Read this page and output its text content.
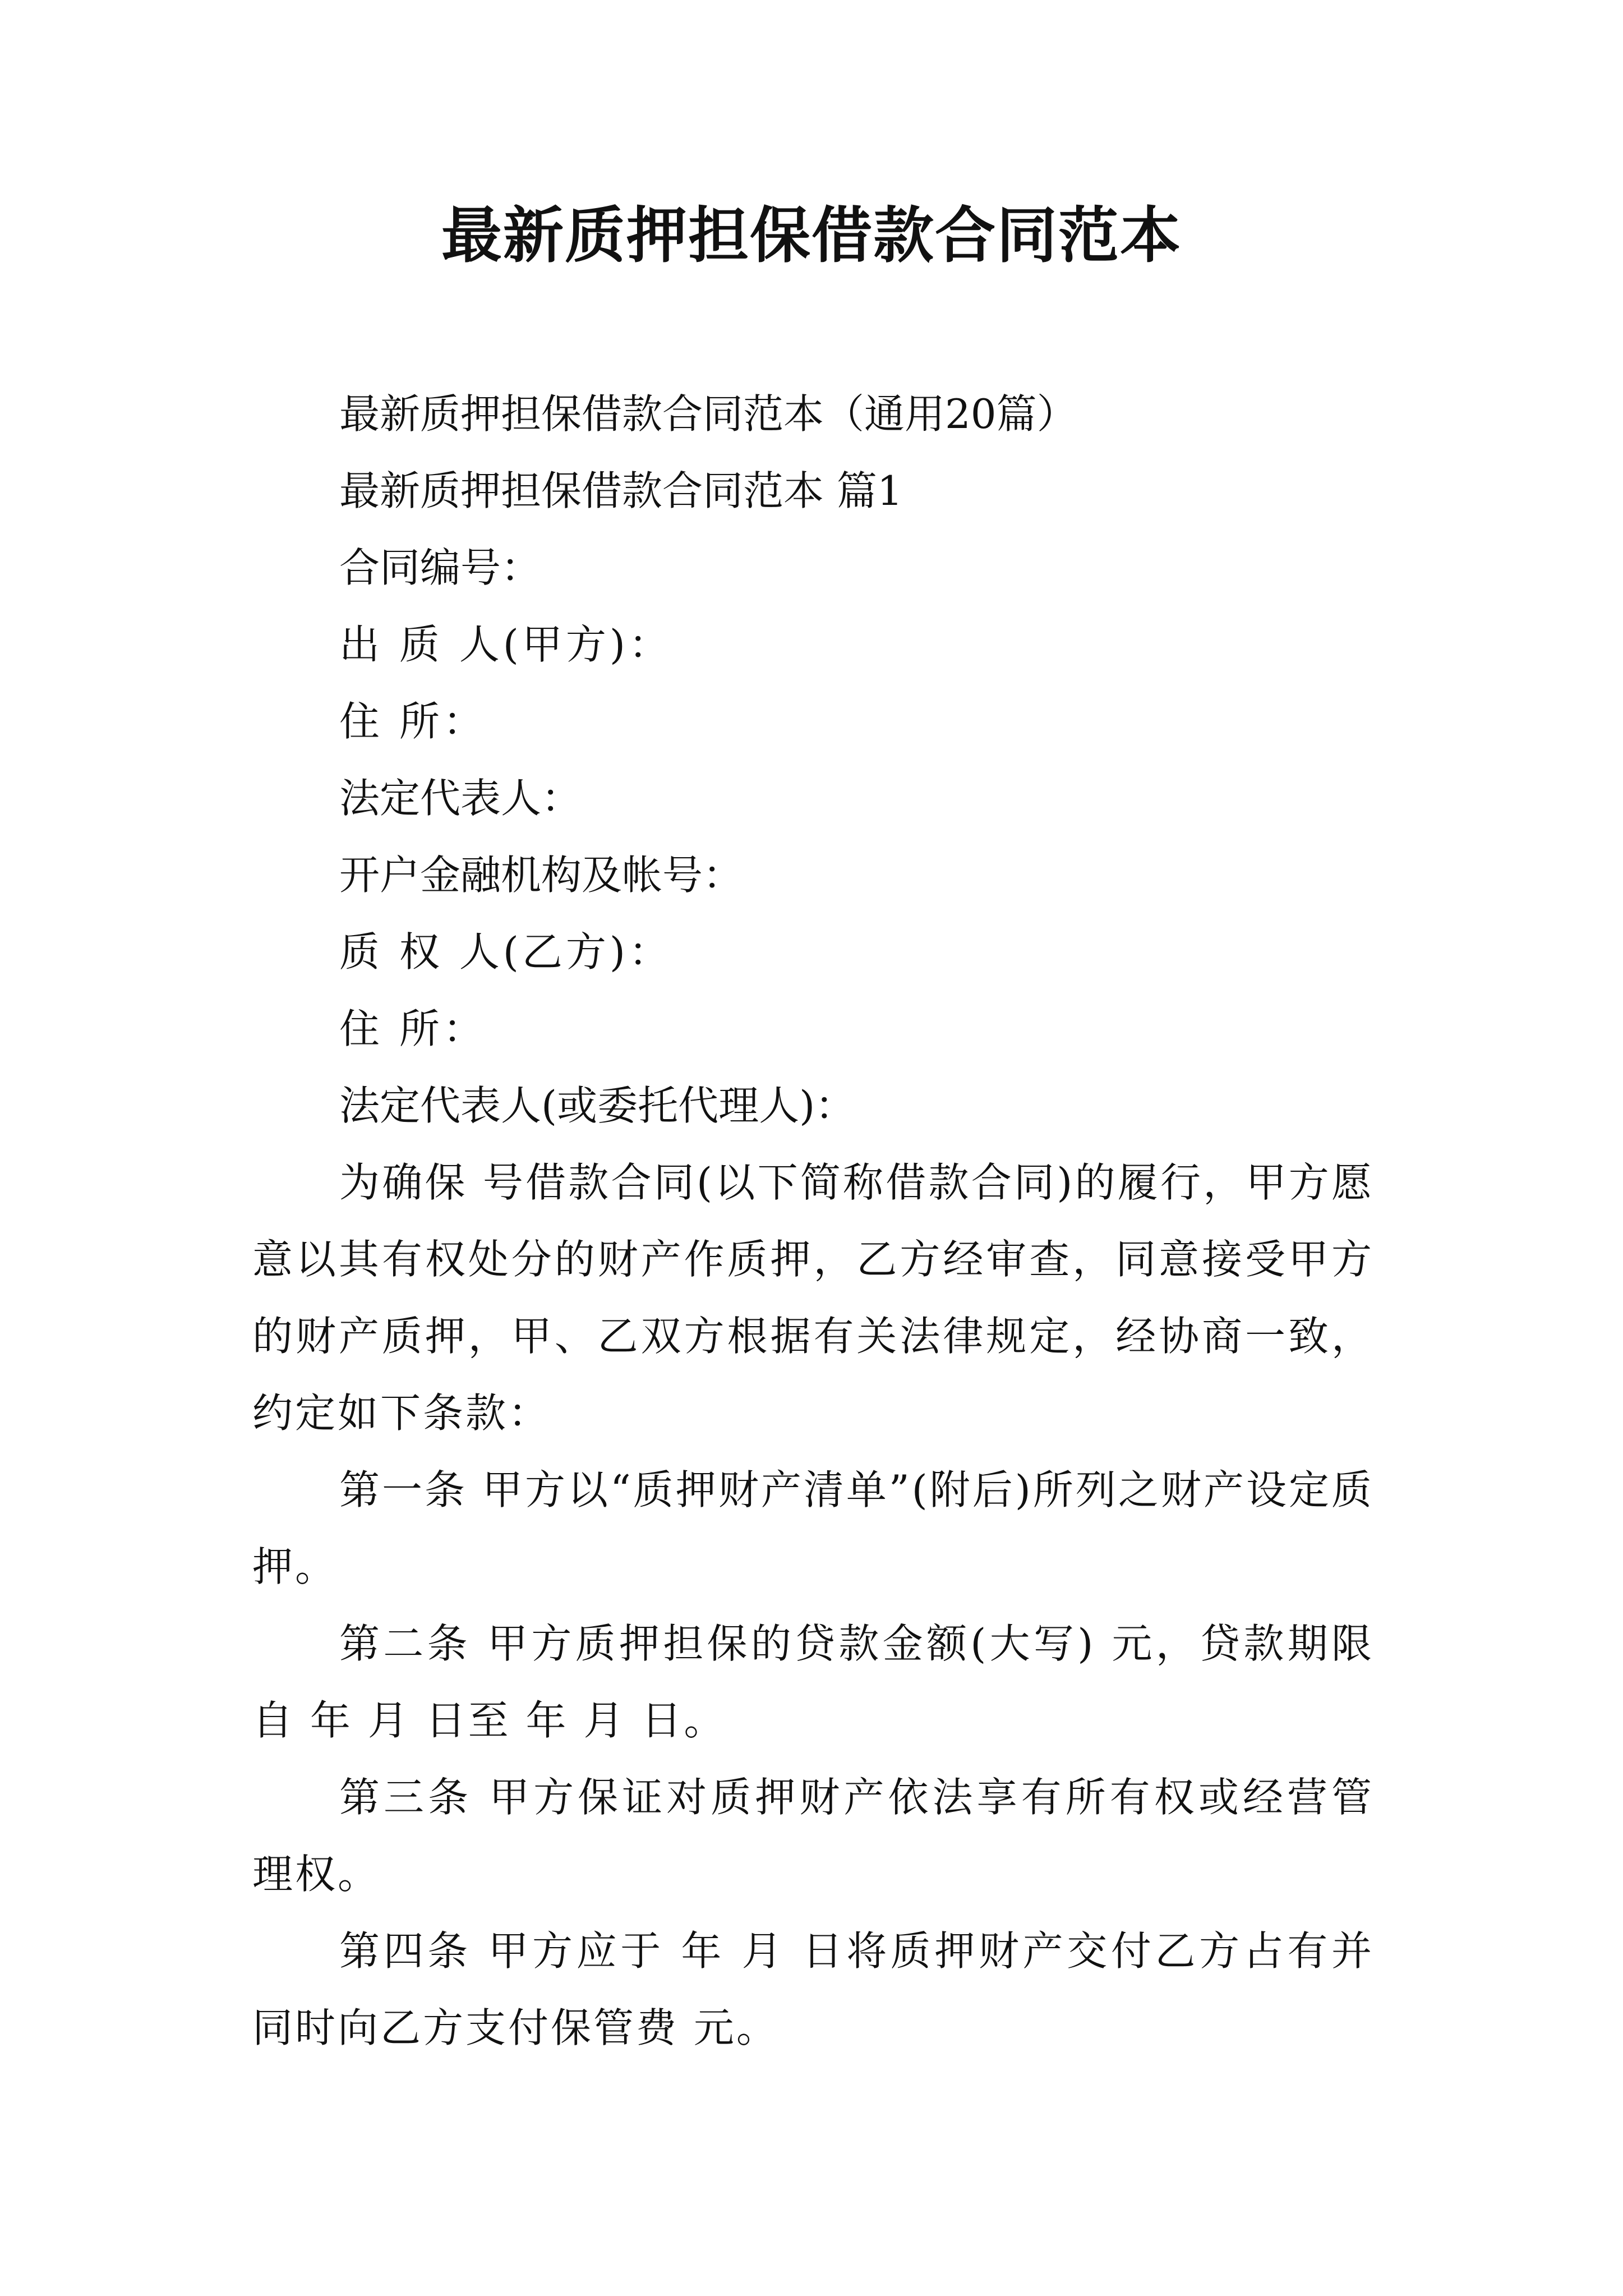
最新质押担保借款合同范本

最新质押担保借款合同范本（通用20篇）

最新质押担保借款合同范本 篇1

合同编号：

出 质 人(甲方)：

住 所：

法定代表人：

开户金融机构及帐号：

质 权 人(乙方)：

住 所：

法定代表人(或委托代理人)：

为确保 号借款合同(以下简称借款合同)的履行，甲方愿意以其有权处分的财产作质押，乙方经审查，同意接受甲方的财产质押，甲、乙双方根据有关法律规定，经协商一致，约定如下条款：

第一条 甲方以“质押财产清单”(附后)所列之财产设定质押。

第二条 甲方质押担保的贷款金额(大写) 元，贷款期限自 年 月 日至 年 月 日。

第三条 甲方保证对质押财产依法享有所有权或经营管理权。

第四条 甲方应于 年 月 日将质押财产交付乙方占有并同时向乙方支付保管费 元。
